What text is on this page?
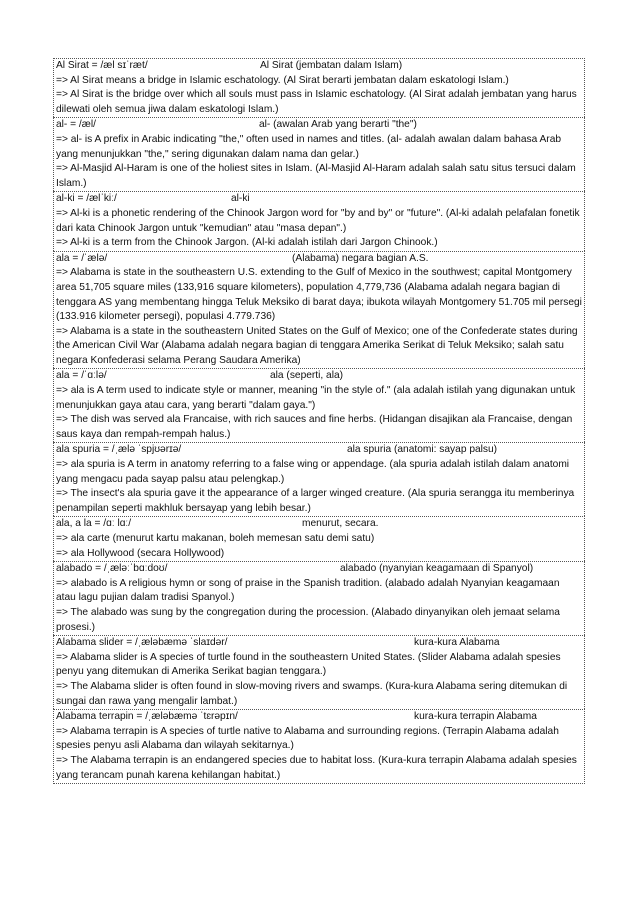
Al Sirat = /æl sɪˈræt/	Al Sirat (jembatan dalam Islam)
=> Al Sirat means a bridge in Islamic eschatology. (Al Sirat berarti jembatan dalam eskatologi Islam.)
=> Al Sirat is the bridge over which all souls must pass in Islamic eschatology. (Al Sirat adalah jembatan yang harus dilewati oleh semua jiwa dalam eskatologi Islam.)
al- = /æl/	al- (awalan Arab yang berarti "the")
=> al- is A prefix in Arabic indicating "the," often used in names and titles. (al- adalah awalan dalam bahasa Arab yang menunjukkan "the," sering digunakan dalam nama dan gelar.)
=> Al-Masjid Al-Haram is one of the holiest sites in Islam. (Al-Masjid Al-Haram adalah salah satu situs tersuci dalam Islam.)
al-ki = /ælˈkiː/	al-ki
=> Al-ki is a phonetic rendering of the Chinook Jargon word for "by and by" or "future". (Al-ki adalah pelafalan fonetik dari kata Chinook Jargon untuk "kemudian" atau "masa depan".)
=> Al-ki is a term from the Chinook Jargon. (Al-ki adalah istilah dari Jargon Chinook.)
ala = /ˈælə/	(Alabama) negara bagian A.S.
=> Alabama is state in the southeastern U.S. extending to the Gulf of Mexico in the southwest; capital Montgomery area 51,705 square miles (133,916 square kilometers), population 4,779,736 (Alabama adalah negara bagian di tenggara AS yang membentang hingga Teluk Meksiko di barat daya; ibukota wilayah Montgomery 51.705 mil persegi (133.916 kilometer persegi), populasi 4.779.736)
=> Alabama is a state in the southeastern United States on the Gulf of Mexico; one of the Confederate states during the American Civil War (Alabama adalah negara bagian di tenggara Amerika Serikat di Teluk Meksiko; salah satu negara Konfederasi selama Perang Saudara Amerika)
ala = /ˈɑːlə/	ala (seperti, ala)
=> ala is A term used to indicate style or manner, meaning "in the style of." (ala adalah istilah yang digunakan untuk menunjukkan gaya atau cara, yang berarti "dalam gaya.")
=> The dish was served ala Francaise, with rich sauces and fine herbs. (Hidangan disajikan ala Francaise, dengan saus kaya dan rempah-rempah halus.)
ala spuria = /ˌælə ˈspjʊərɪə/	ala spuria (anatomi: sayap palsu)
=> ala spuria is A term in anatomy referring to a false wing or appendage. (ala spuria adalah istilah dalam anatomi yang mengacu pada sayap palsu atau pelengkap.)
=> The insect's ala spuria gave it the appearance of a larger winged creature. (Ala spuria serangga itu memberinya penampilan seperti makhluk bersayap yang lebih besar.)
ala, a la = /ɑː lɑː/	menurut, secara.
=> ala carte (menurut kartu makanan, boleh memesan satu demi satu)
=> ala Hollywood (secara Hollywood)
alabado = /ˌæləːˈbɑːdoʊ/	alabado (nyanyian keagamaan di Spanyol)
=> alabado is A religious hymn or song of praise in the Spanish tradition. (alabado adalah Nyanyian keagamaan atau lagu pujian dalam tradisi Spanyol.)
=> The alabado was sung by the congregation during the procession. (Alabado dinyanyikan oleh jemaat selama prosesi.)
Alabama slider = /ˌæləbæmə ˈslaɪdər/	kura-kura Alabama
=> Alabama slider is A species of turtle found in the southeastern United States. (Slider Alabama adalah spesies penyu yang ditemukan di Amerika Serikat bagian tenggara.)
=> The Alabama slider is often found in slow-moving rivers and swamps. (Kura-kura Alabama sering ditemukan di sungai dan rawa yang mengalir lambat.)
Alabama terrapin = /ˌæləbæmə ˈtɛrəpɪn/	kura-kura terrapin Alabama
=> Alabama terrapin is A species of turtle native to Alabama and surrounding regions. (Terrapin Alabama adalah spesies penyu asli Alabama dan wilayah sekitarnya.)
=> The Alabama terrapin is an endangered species due to habitat loss. (Kura-kura terrapin Alabama adalah spesies yang terancam punah karena kehilangan habitat.)
